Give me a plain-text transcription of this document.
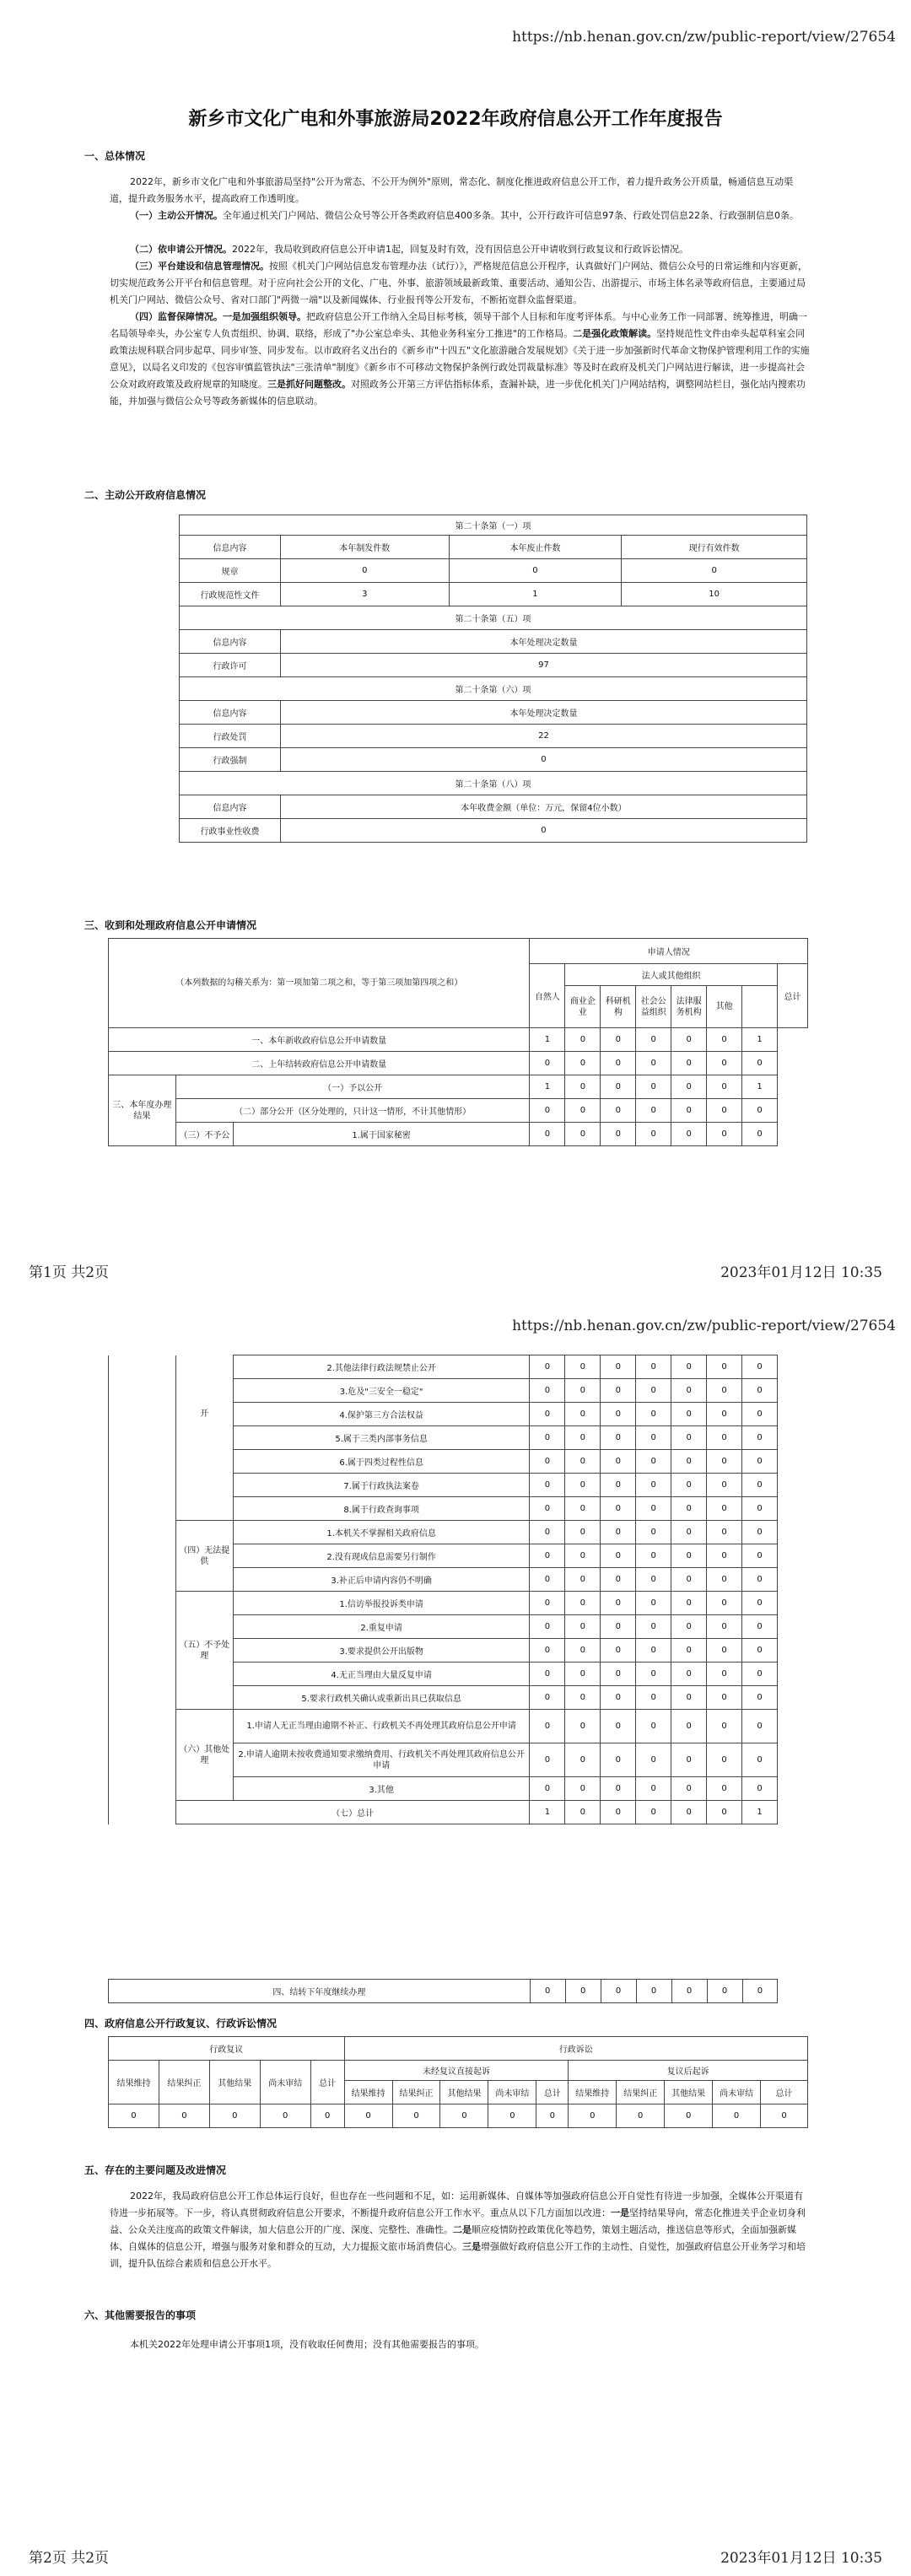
https://nb.henan.gov.cn/zw/public-report/view/27654
新乡市文化广电和外事旅游局2022年政府信息公开工作年度报告
一、总体情况

2022年，新乡市文化广电和外事旅游局坚持"公开为常态、不公开为例外"原则，常态化、制度化推进政府信息公开工作，着力提升政务公开质量，畅通信息互动渠道，提升政务服务水平，提高政府工作透明度。

（一）主动公开情况。全年通过机关门户网站、微信公众号等公开各类政府信息400多条。其中，公开行政许可信息97条、行政处罚信息22条、行政强制信息0条。

（二）依申请公开情况。2022年，我局收到政府信息公开申请1起，回复及时有效，没有因信息公开申请收到行政复议和行政诉讼情况。

（三）平台建设和信息管理情况。按照《机关门户网站信息发布管理办法（试行）》，严格规范信息公开程序，认真做好门户网站、微信公众号的日常运维和内容更新，切实规范政务公开平台和信息管理。对于应向社会公开的文化、广电、外事、旅游领域最新政策、重要活动、通知公告、出游提示、市场主体名录等政府信息，主要通过局机关门户网站、微信公众号、省对口部门"两微一端"以及新闻媒体、行业报刊等公开发布，不断拓宽群众监督渠道。

（四）监督保障情况。一是加强组织领导。把政府信息公开工作纳入全局目标考核，领导干部个人目标和年度考评体系。与中心业务工作一同部署、统筹推进，明确一名局领导牵头，办公室专人负责组织、协调、联络，形成了"办公室总牵头、其他业务科室分工推进"的工作格局。二是强化政策解读。坚持规范性文件由牵头起草科室会同政策法规科联合同步起草、同步审签、同步发布。以市政府名义出台的《新乡市"十四五"文化旅游融合发展规划》《关于进一步加强新时代革命文物保护管理利用工作的实施意见》，以局名义印发的《包容审慎监管执法"三张清单"制度》《新乡市不可移动文物保护条例行政处罚裁量标准》等及时在政府及机关门户网站进行解读，进一步提高社会公众对政府政策及政府规章的知晓度。三是抓好问题整改。对照政务公开第三方评估指标体系，查漏补缺，进一步优化机关门户网站结构，调整网站栏目，强化站内搜索功能，并加强与微信公众号等政务新媒体的信息联动。

二、主动公开政府信息情况
第二十条第（一）项			
信息内容	本年制发件数	本年废止件数	现行有效件数
规章	0	0	0
行政规范性文件	3	1	10
第二十条第（五）项			
信息内容	本年处理决定数量		
行政许可	97		
第二十条第（六）项			
信息内容	本年处理决定数量		
行政处罚	22		
行政强制	0		
第二十条第（八）项			
信息内容	本年收费金额（单位：万元，保留4位小数）		
行政事业性收费	0		
三、收到和处理政府信息公开申请情况
（本列数据的勾稽关系为：第一项加第二项之和，等于第三项加第四项之和）			申请人情况							
			自然人	法人或其他组织						总计
				商业企业	科研机构	社会公益组织	法律服务机构	其他		
一、本年新收政府信息公开申请数量			1	0	0	0	0	0	1	
二、上年结转政府信息公开申请数量			0	0	0	0	0	0	0	
三、本年度办理结果	（一）予以公开		1	0	0	0	0	0	1	
	（二）部分公开（区分处理的，只计这一情形，不计其他情形）		0	0	0	0	0	0	0	
	（三）不予公	1.属于国家秘密	0	0	0	0	0	0	0	
第1页 共2页	2023年01月12日 10:35
https://nb.henan.gov.cn/zw/public-report/view/27654
	开	2.其他法律行政法规禁止公开	0	0	0	0	0	0	0
		3.危及"三安全一稳定"	0	0	0	0	0	0	0
		4.保护第三方合法权益	0	0	0	0	0	0	0
		5.属于三类内部事务信息	0	0	0	0	0	0	0
		6.属于四类过程性信息	0	0	0	0	0	0	0
		7.属于行政执法案卷	0	0	0	0	0	0	0
		8.属于行政查询事项	0	0	0	0	0	0	0
	（四）无法提供	1.本机关不掌握相关政府信息	0	0	0	0	0	0	0
		2.没有现成信息需要另行制作	0	0	0	0	0	0	0
		3.补正后申请内容仍不明确	0	0	0	0	0	0	0
	（五）不予处理	1.信访举报投诉类申请	0	0	0	0	0	0	0
		2.重复申请	0	0	0	0	0	0	0
		3.要求提供公开出版物	0	0	0	0	0	0	0
		4.无正当理由大量反复申请	0	0	0	0	0	0	0
		5.要求行政机关确认或重新出具已获取信息	0	0	0	0	0	0	0
	（六）其他处理	1.申请人无正当理由逾期不补正、行政机关不再处理其政府信息公开申请	0	0	0	0	0	0	0
		2.申请人逾期未按收费通知要求缴纳费用、行政机关不再处理其政府信息公开申请	0	0	0	0	0	0	0
		3.其他	0	0	0	0	0	0	0
	（七）总计		1	0	0	0	0	0	1
四、结转下年度继续办理	0	0	0	0	0	0	0	
四、政府信息公开行政复议、行政诉讼情况
行政复议					行政诉讼									
结果维持	结果纠正	其他结果	尚未审结	总计	未经复议直接起诉					复议后起诉				
					结果维持	结果纠正	其他结果	尚未审结	总计	结果维持	结果纠正	其他结果	尚未审结	总计
0	0	0	0	0	0	0	0	0	0	0	0	0	0	0
五、存在的主要问题及改进情况

2022年，我局政府信息公开工作总体运行良好，但也存在一些问题和不足，如：运用新媒体、自媒体等加强政府信息公开自觉性有待进一步加强，全媒体公开渠道有待进一步拓展等。下一步，将认真贯彻政府信息公开要求，不断提升政府信息公开工作水平。重点从以下几方面加以改进：一是坚持结果导向，常态化推进关乎企业切身利益、公众关注度高的政策文件解读，加大信息公开的广度、深度、完整性、准确性。二是顺应疫情防控政策优化等趋势，策划主题活动，推送信息等形式，全面加强新媒体、自媒体的信息公开，增强与服务对象和群众的互动，大力提振文旅市场消费信心。三是增强做好政府信息公开工作的主动性、自觉性，加强政府信息公开业务学习和培训，提升队伍综合素质和信息公开水平。

六、其他需要报告的事项

本机关2022年处理申请公开事项1项，没有收取任何费用；没有其他需要报告的事项。

第2页 共2页	2023年01月12日 10:35
